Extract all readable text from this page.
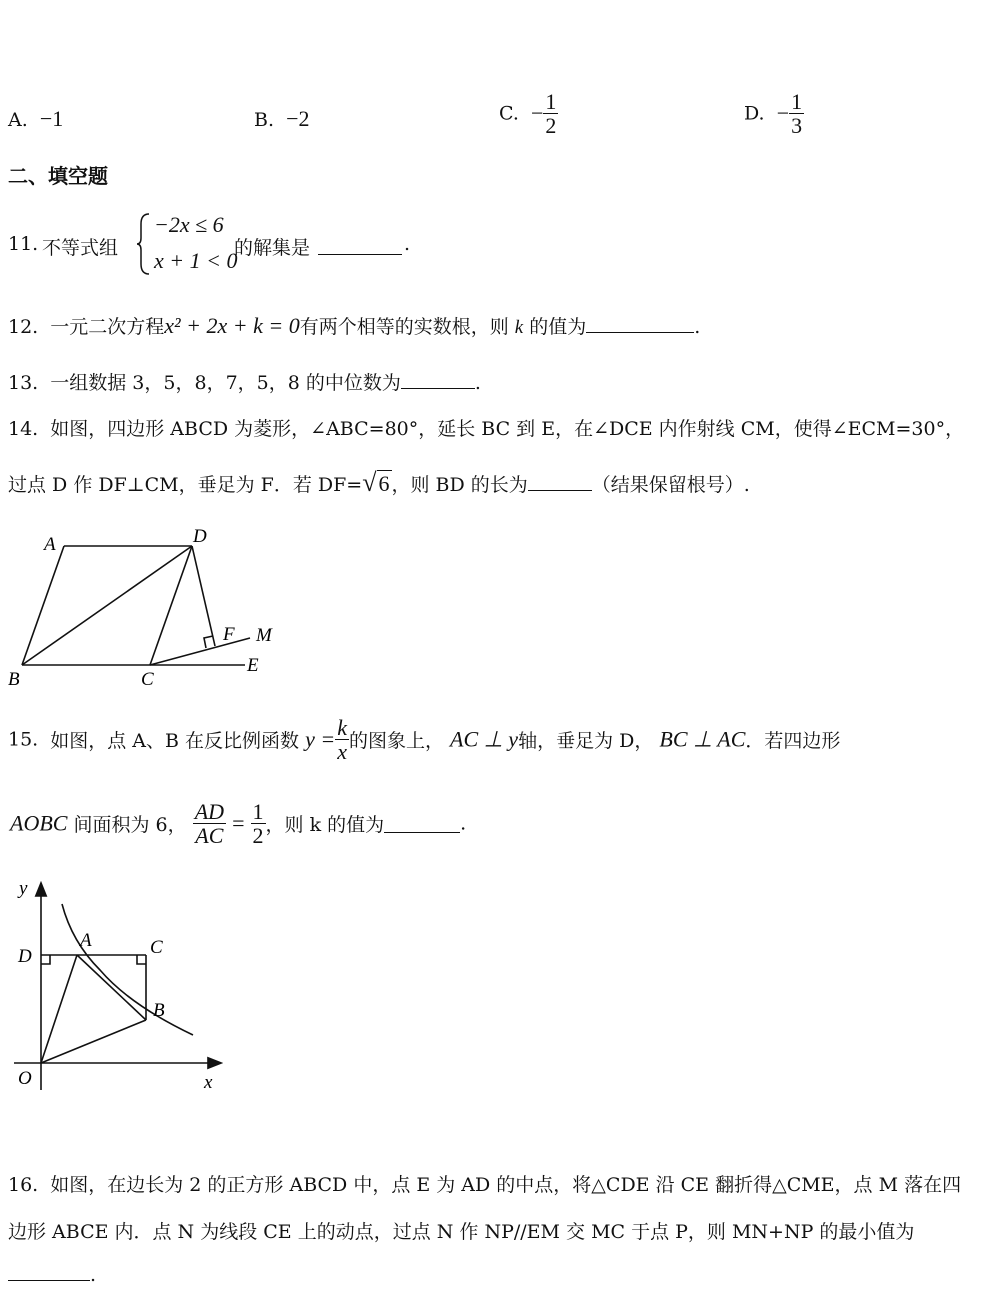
A. −1	B. −2	C. − $\frac{1}{2}$	D. − $\frac{1}{3}$
二、填空题
11. 不等式组
−2x ≤ 6
x + 1 < 0
的解集是	.
12. 一元二次方程x² + 2x + k = 0有两个相等的实数根，则 k 的值为	.
13. 一组数据 3，5，8，7，5，8 的中位数为	.
14. 如图，四边形 ABCD 为菱形，∠ABC=80°，延长 BC 到 E，在∠DCE 内作射线 CM，使得∠ECM=30°，
过点 D 作 DF⊥CM，垂足为 F．若 DF=√6 ，则 BD 的长为	（结果保留根号）.
A	D
F M
B	C
E
15. 如图，点 A、B 在反比例函数 $y = \frac{k}{x}$ 的图象上， AC ⊥ y轴，垂足为 D， BC ⊥ AC．若四边形
AOBC 间面积为 6， $\frac{AD}{AC} = \frac{1}{2}$ ，则 k 的值为	.
y
x
O
D
A	C
B
16. 如图，在边长为 2 的正方形 ABCD 中，点 E 为 AD 的中点，将△CDE 沿 CE 翻折得△CME，点 M 落在四
边形 ABCE 内．点 N 为线段 CE 上的动点，过点 N 作 NP//EM 交 MC 于点 P，则 MN+NP 的最小值为
.
